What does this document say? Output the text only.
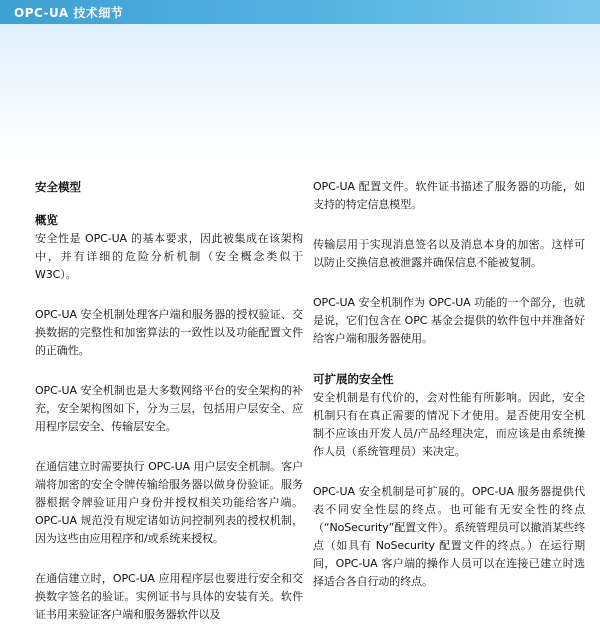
OPC-UA 技术细节

安全模型

概览

安全性是 OPC-UA 的基本要求，因此被集成在该架构中，并有详细的危险分析机制（安全概念类似于W3C）。

OPC-UA 安全机制处理客户端和服务器的授权验证、交换数据的完整性和加密算法的一致性以及功能配置文件的正确性。

OPC-UA 安全机制也是大多数网络平台的安全架构的补充，安全架构图如下，分为三层，包括用户层安全、应用程序层安全、传输层安全。

在通信建立时需要执行 OPC-UA 用户层安全机制。客户端将加密的安全令牌传输给服务器以做身份验证。服务器根据令牌验证用户身份并授权相关功能给客户端。OPC-UA 规范没有规定诸如访问控制列表的授权机制，因为这些由应用程序和/或系统来授权。

在通信建立时，OPC-UA 应用程序层也要进行安全和交换数字签名的验证。实例证书与具体的安装有关。软件证书用来验证客户端和服务器软件以及

OPC-UA 配置文件。软件证书描述了服务器的功能，如支持的特定信息模型。

传输层用于实现消息签名以及消息本身的加密。这样可以防止交换信息被泄露并确保信息不能被复制。

OPC-UA 安全机制作为 OPC-UA 功能的一个部分，也就是说，它们包含在 OPC 基金会提供的软件包中并准备好给客户端和服务器使用。

可扩展的安全性

安全机制是有代价的，会对性能有所影响。因此，安全机制只有在真正需要的情况下才使用。是否使用安全机制不应该由开发人员/产品经理决定，而应该是由系统操作人员（系统管理员）来决定。

OPC-UA 安全机制是可扩展的。OPC-UA 服务器提供代表不同安全性层的终点。也可能有无安全性的终点（“NoSecurity”配置文件）。系统管理员可以撤消某些终点（如具有 NoSecurity 配置文件的终点。）在运行期间，OPC-UA 客户端的操作人员可以在连接已建立时选择适合各自行动的终点。
